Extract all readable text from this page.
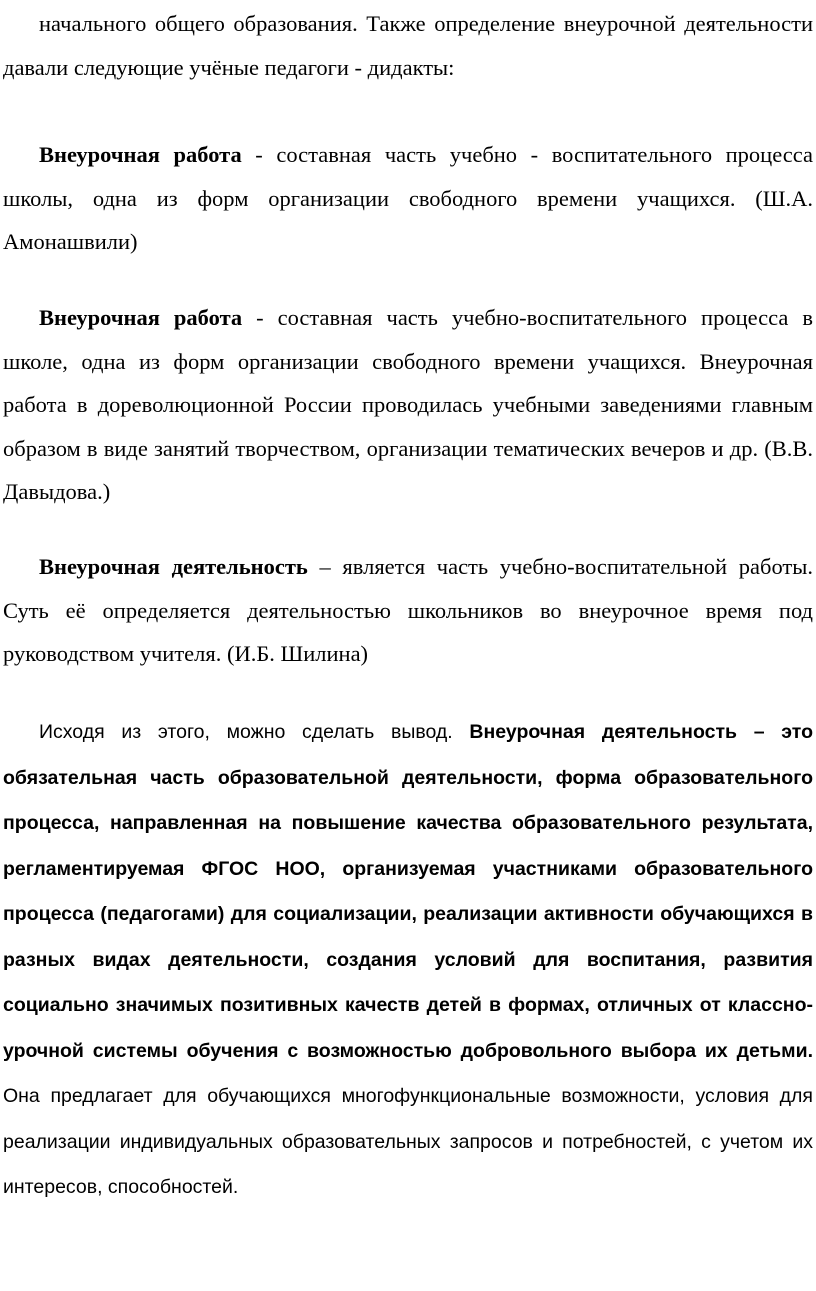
начального общего образования. Также определение внеурочной деятельности давали следующие учёные педагоги - дидакты:

Внеурочная работа - составная часть учебно - воспитательного процесса школы, одна из форм организации свободного времени учащихся. (Ш.А. Амонашвили)

Внеурочная работа - составная часть учебно-воспитательного процесса в школе, одна из форм организации свободного времени учащихся. Внеурочная работа в дореволюционной России проводилась учебными заведениями главным образом в виде занятий творчеством, организации тематических вечеров и др. (В.В. Давыдова.)

Внеурочная деятельность – является часть учебно-воспитательной работы. Суть её определяется деятельностью школьников во внеурочное время под руководством учителя. (И.Б. Шилина)

Исходя из этого, можно сделать вывод. Внеурочная деятельность – это обязательная часть образовательной деятельности, форма образовательного процесса, направленная на повышение качества образовательного результата, регламентируемая ФГОС НОО, организуемая участниками образовательного процесса (педагогами) для социализации, реализации активности обучающихся в разных видах деятельности, создания условий для воспитания, развития социально значимых позитивных качеств детей в формах, отличных от классно-урочной системы обучения с возможностью добровольного выбора их детьми. Она предлагает для обучающихся многофункциональные возможности, условия для реализации индивидуальных образовательных запросов и потребностей, с учетом их интересов, способностей.
